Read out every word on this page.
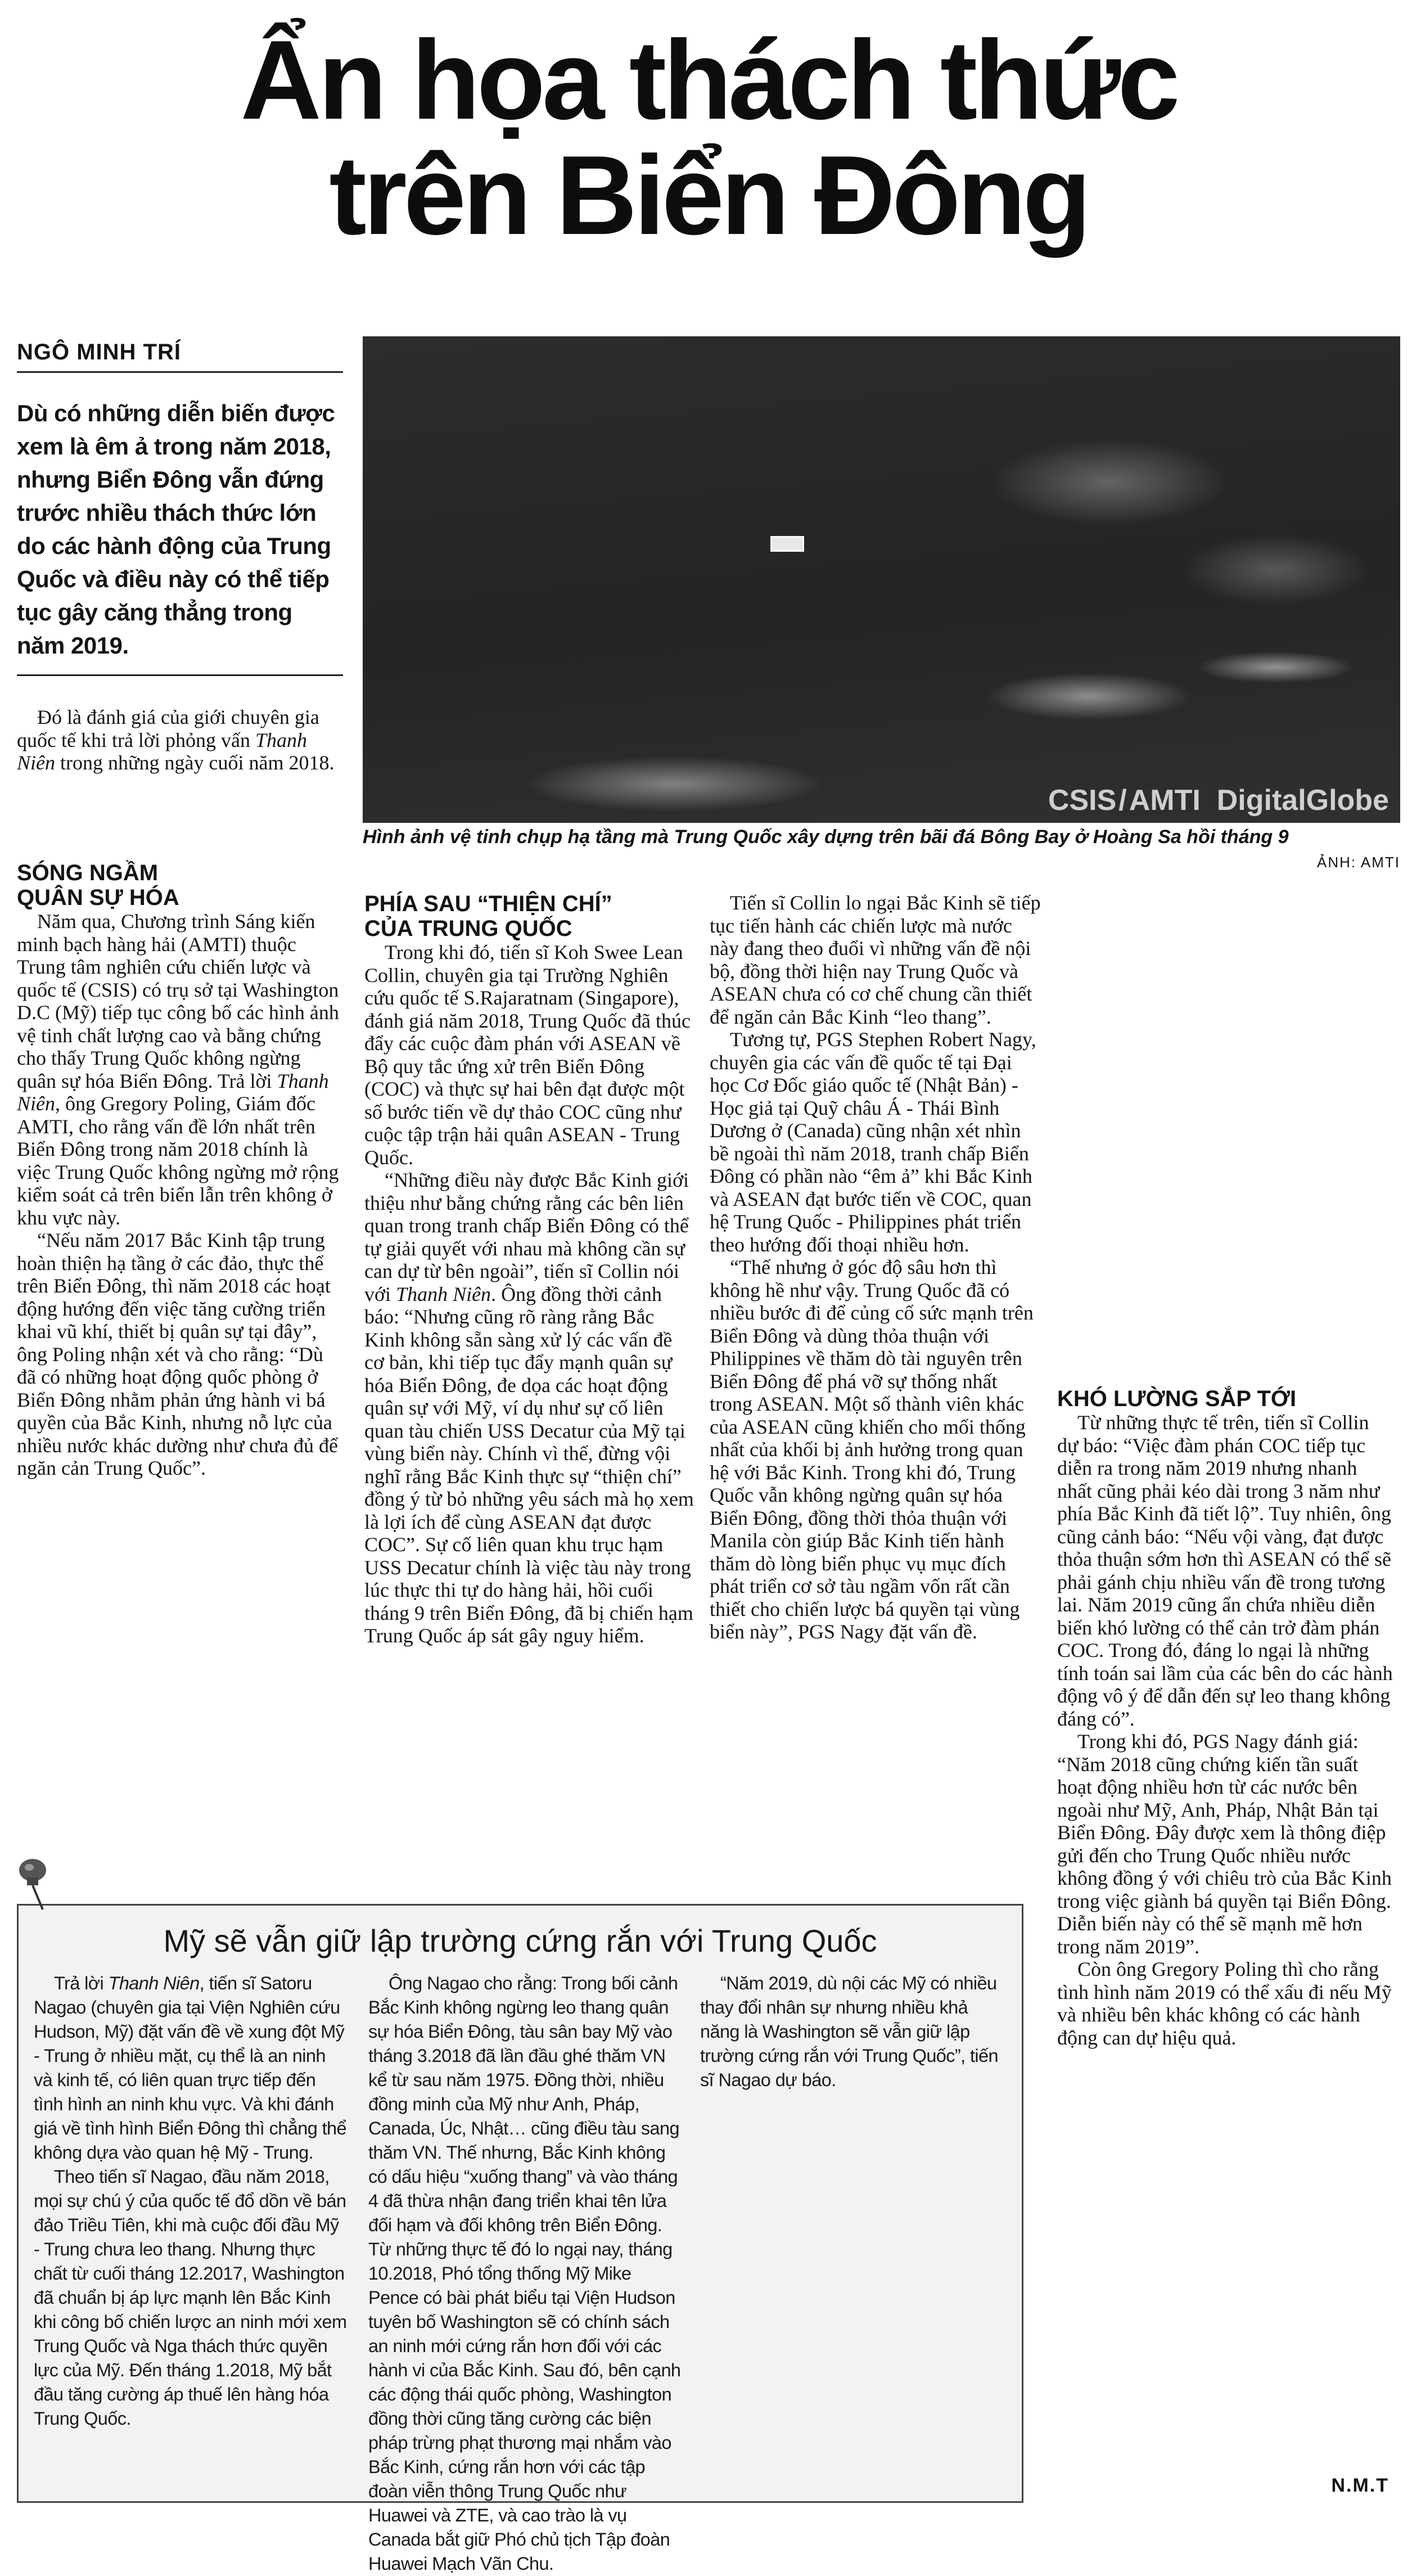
Ẩn họa thách thức
trên Biển Đông
NGÔ MINH TRÍ
Dù có những diễn biến được xem là êm ả trong năm 2018, nhưng Biển Đông vẫn đứng trước nhiều thách thức lớn do các hành động của Trung Quốc và điều này có thể tiếp tục gây căng thẳng trong năm 2019.

Đó là đánh giá của giới chuyên gia quốc tế khi trả lời phỏng vấn Thanh Niên trong những ngày cuối năm 2018.

CSIS/AMTI DigitalGlobe
Hình ảnh vệ tinh chụp hạ tầng mà Trung Quốc xây dựng trên bãi đá Bông Bay ở Hoàng Sa hồi tháng 9
ẢNH: AMTI
SÓNG NGẦM QUÂN SỰ HÓA

Năm qua, Chương trình Sáng kiến minh bạch hàng hải (AMTI) thuộc Trung tâm nghiên cứu chiến lược và quốc tế (CSIS) có trụ sở tại Washington D.C (Mỹ) tiếp tục công bố các hình ảnh vệ tinh chất lượng cao và bằng chứng cho thấy Trung Quốc không ngừng quân sự hóa Biển Đông. Trả lời Thanh Niên, ông Gregory Poling, Giám đốc AMTI, cho rằng vấn đề lớn nhất trên Biển Đông trong năm 2018 chính là việc Trung Quốc không ngừng mở rộng kiểm soát cả trên biển lẫn trên không ở khu vực này.

“Nếu năm 2017 Bắc Kinh tập trung hoàn thiện hạ tầng ở các đảo, thực thể trên Biển Đông, thì năm 2018 các hoạt động hướng đến việc tăng cường triển khai vũ khí, thiết bị quân sự tại đây”, ông Poling nhận xét và cho rằng: “Dù đã có những hoạt động quốc phòng ở Biển Đông nhằm phản ứng hành vi bá quyền của Bắc Kinh, nhưng nỗ lực của nhiều nước khác dường như chưa đủ để ngăn cản Trung Quốc”.

PHÍA SAU “THIỆN CHÍ” CỦA TRUNG QUỐC

Trong khi đó, tiến sĩ Koh Swee Lean Collin, chuyên gia tại Trường Nghiên cứu quốc tế S.Rajaratnam (Singapore), đánh giá năm 2018, Trung Quốc đã thúc đẩy các cuộc đàm phán với ASEAN về Bộ quy tắc ứng xử trên Biển Đông (COC) và thực sự hai bên đạt được một số bước tiến về dự thảo COC cũng như cuộc tập trận hải quân ASEAN - Trung Quốc.

“Những điều này được Bắc Kinh giới thiệu như bằng chứng rằng các bên liên quan trong tranh chấp Biển Đông có thể tự giải quyết với nhau mà không cần sự can dự từ bên ngoài”, tiến sĩ Collin nói với Thanh Niên. Ông đồng thời cảnh báo: “Nhưng cũng rõ ràng rằng Bắc Kinh không sẵn sàng xử lý các vấn đề cơ bản, khi tiếp tục đẩy mạnh quân sự hóa Biển Đông, đe dọa các hoạt động quân sự với Mỹ, ví dụ như sự cố liên quan tàu chiến USS Decatur của Mỹ tại vùng biển này. Chính vì thế, đừng vội nghĩ rằng Bắc Kinh thực sự “thiện chí” đồng ý từ bỏ những yêu sách mà họ xem là lợi ích để cùng ASEAN đạt được COC”. Sự cố liên quan khu trục hạm USS Decatur chính là việc tàu này trong lúc thực thi tự do hàng hải, hồi cuối tháng 9 trên Biển Đông, đã bị chiến hạm Trung Quốc áp sát gây nguy hiểm.

Tiến sĩ Collin lo ngại Bắc Kinh sẽ tiếp tục tiến hành các chiến lược mà nước này đang theo đuổi vì những vấn đề nội bộ, đồng thời hiện nay Trung Quốc và ASEAN chưa có cơ chế chung cần thiết để ngăn cản Bắc Kinh “leo thang”.

Tương tự, PGS Stephen Robert Nagy, chuyên gia các vấn đề quốc tế tại Đại học Cơ Đốc giáo quốc tế (Nhật Bản) - Học giả tại Quỹ châu Á - Thái Bình Dương ở (Canada) cũng nhận xét nhìn bề ngoài thì năm 2018, tranh chấp Biển Đông có phần nào “êm ả” khi Bắc Kinh và ASEAN đạt bước tiến về COC, quan hệ Trung Quốc - Philippines phát triển theo hướng đối thoại nhiều hơn.

“Thế nhưng ở góc độ sâu hơn thì không hề như vậy. Trung Quốc đã có nhiều bước đi để củng cố sức mạnh trên Biển Đông và dùng thỏa thuận với Philippines về thăm dò tài nguyên trên Biển Đông để phá vỡ sự thống nhất trong ASEAN. Một số thành viên khác của ASEAN cũng khiến cho mối thống nhất của khối bị ảnh hưởng trong quan hệ với Bắc Kinh. Trong khi đó, Trung Quốc vẫn không ngừng quân sự hóa Biển Đông, đồng thời thỏa thuận với Manila còn giúp Bắc Kinh tiến hành thăm dò lòng biển phục vụ mục đích phát triển cơ sở tàu ngầm vốn rất cần thiết cho chiến lược bá quyền tại vùng biển này”, PGS Nagy đặt vấn đề.

KHÓ LƯỜNG SẮP TỚI

Từ những thực tế trên, tiến sĩ Collin dự báo: “Việc đàm phán COC tiếp tục diễn ra trong năm 2019 nhưng nhanh nhất cũng phải kéo dài trong 3 năm như phía Bắc Kinh đã tiết lộ”. Tuy nhiên, ông cũng cảnh báo: “Nếu vội vàng, đạt được thỏa thuận sớm hơn thì ASEAN có thể sẽ phải gánh chịu nhiều vấn đề trong tương lai. Năm 2019 cũng ẩn chứa nhiều diễn biến khó lường có thể cản trở đàm phán COC. Trong đó, đáng lo ngại là những tính toán sai lầm của các bên do các hành động vô ý để dẫn đến sự leo thang không đáng có”.

Trong khi đó, PGS Nagy đánh giá: “Năm 2018 cũng chứng kiến tần suất hoạt động nhiều hơn từ các nước bên ngoài như Mỹ, Anh, Pháp, Nhật Bản tại Biển Đông. Đây được xem là thông điệp gửi đến cho Trung Quốc nhiều nước không đồng ý với chiêu trò của Bắc Kinh trong việc giành bá quyền tại Biển Đông. Diễn biến này có thể sẽ mạnh mẽ hơn trong năm 2019”.

Còn ông Gregory Poling thì cho rằng tình hình năm 2019 có thể xấu đi nếu Mỹ và nhiều bên khác không có các hành động can dự hiệu quả.

Mỹ sẽ vẫn giữ lập trường cứng rắn với Trung Quốc

Trả lời Thanh Niên, tiến sĩ Satoru Nagao (chuyên gia tại Viện Nghiên cứu Hudson, Mỹ) đặt vấn đề về xung đột Mỹ - Trung ở nhiều mặt, cụ thể là an ninh và kinh tế, có liên quan trực tiếp đến tình hình an ninh khu vực. Và khi đánh giá về tình hình Biển Đông thì chẳng thể không dựa vào quan hệ Mỹ - Trung.

Theo tiến sĩ Nagao, đầu năm 2018, mọi sự chú ý của quốc tế đổ dồn về bán đảo Triều Tiên, khi mà cuộc đối đầu Mỹ - Trung chưa leo thang. Nhưng thực chất từ cuối tháng 12.2017, Washington đã chuẩn bị áp lực mạnh lên Bắc Kinh khi công bố chiến lược an ninh mới xem Trung Quốc và Nga thách thức quyền lực của Mỹ. Đến tháng 1.2018, Mỹ bắt đầu tăng cường áp thuế lên hàng hóa Trung Quốc.

Ông Nagao cho rằng: Trong bối cảnh Bắc Kinh không ngừng leo thang quân sự hóa Biển Đông, tàu sân bay Mỹ vào tháng 3.2018 đã lần đầu ghé thăm VN kể từ sau năm 1975. Đồng thời, nhiều đồng minh của Mỹ như Anh, Pháp, Canada, Úc, Nhật… cũng điều tàu sang thăm VN. Thế nhưng, Bắc Kinh không có dấu hiệu “xuống thang” và vào tháng 4 đã thừa nhận đang triển khai tên lửa đối hạm và đối không trên Biển Đông. Từ những thực tế đó lo ngại nay, tháng 10.2018, Phó tổng thống Mỹ Mike Pence có bài phát biểu tại Viện Hudson tuyên bố Washington sẽ có chính sách an ninh mới cứng rắn hơn đối với các hành vi của Bắc Kinh. Sau đó, bên cạnh các động thái quốc phòng, Washington đồng thời cũng tăng cường các biện pháp trừng phạt thương mại nhắm vào Bắc Kinh, cứng rắn hơn với các tập đoàn viễn thông Trung Quốc như Huawei và ZTE, và cao trào là vụ Canada bắt giữ Phó chủ tịch Tập đoàn Huawei Mạch Vãn Chu.

“Năm 2019, dù nội các Mỹ có nhiều thay đổi nhân sự nhưng nhiều khả năng là Washington sẽ vẫn giữ lập trường cứng rắn với Trung Quốc”, tiến sĩ Nagao dự báo.

N.M.T
